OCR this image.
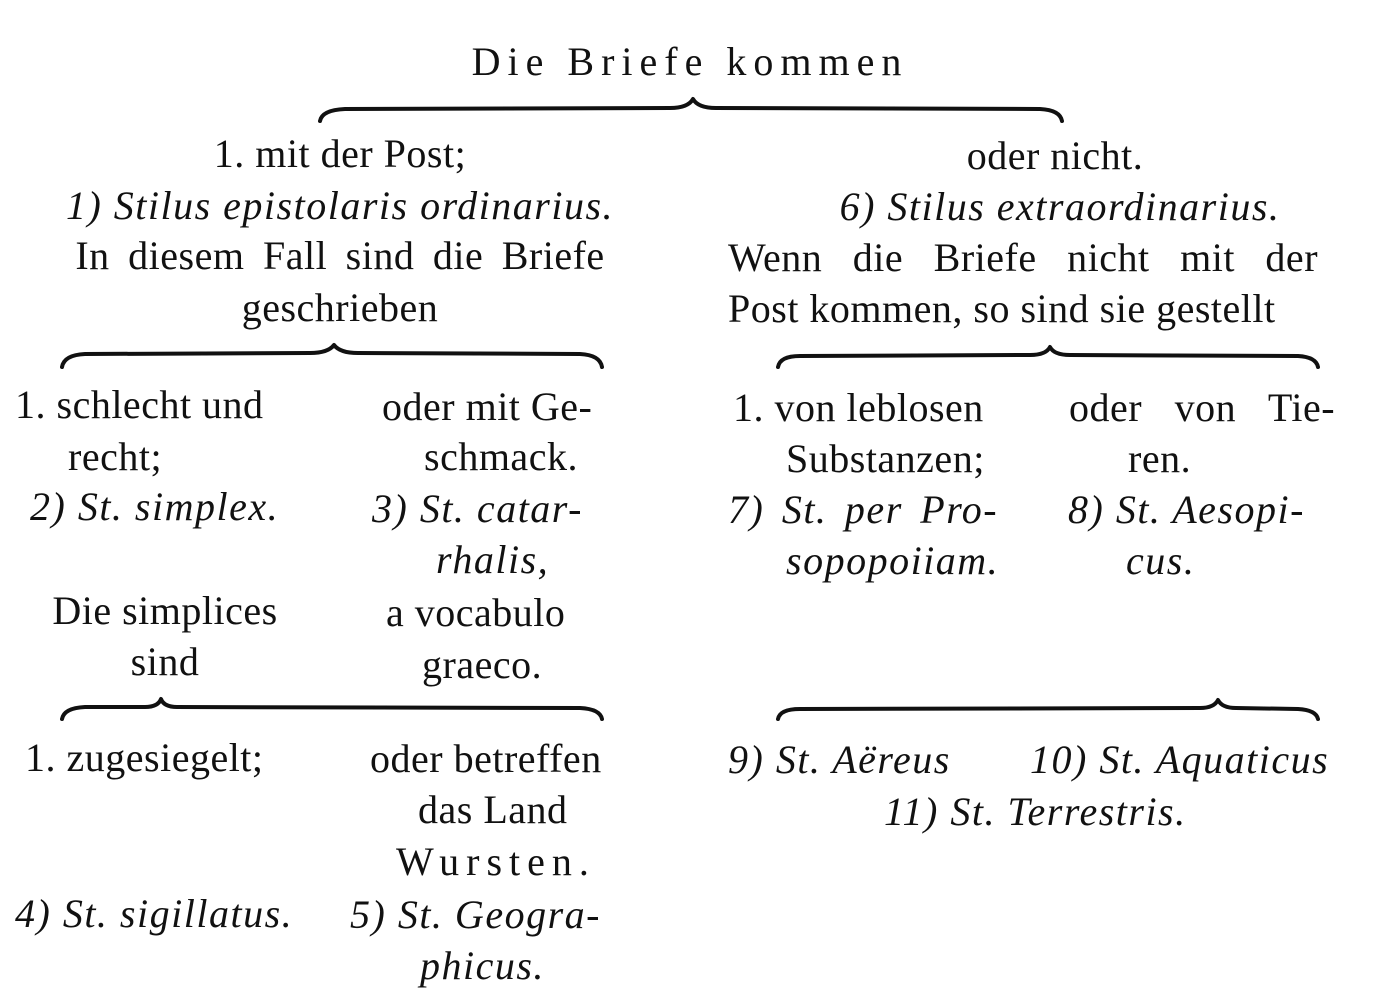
Die Briefe kommen
1. mit der Post;
1) Stilus epistolaris ordinarius.
In diesem Fall sind die Briefe
geschrieben
oder nicht.
6) Stilus extraordinarius.
Wenn die Briefe nicht mit der
Post kommen, so sind sie gestellt
1. schlecht und
recht;
2) St. simplex.
Die simplices
sind
oder mit Ge-
schmack.
3) St. catar-
rhalis,
a vocabulo
graeco.
1. von leblosen
Substanzen;
7) St. per Pro-
sopopoiiam.
oder von Tie-
ren.
8) St. Aesopi-
cus.
1. zugesiegelt;
4) St. sigillatus.
oder betreffen
das Land
Wursten.
5) St. Geogra-
phicus.
9) St. Aëreus 10) St. Aquaticus
11) St. Terrestris.
